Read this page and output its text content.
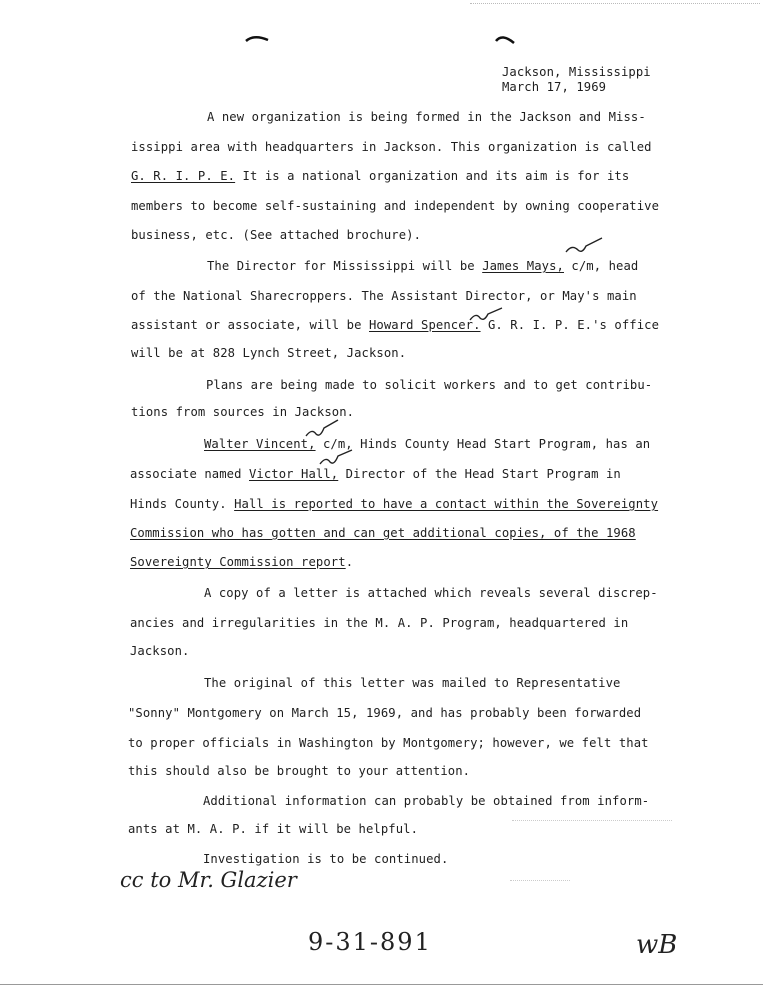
Jackson, Mississippi
March 17, 1969
A new organization is being formed in the Jackson and Miss-
issippi area with headquarters in Jackson. This organization is called
G. R. I. P. E. It is a national organization and its aim is for its
members to become self-sustaining and independent by owning cooperative
business, etc. (See attached brochure).
The Director for Mississippi will be James Mays, c/m, head
of the National Sharecroppers. The Assistant Director, or May's main
assistant or associate, will be Howard Spencer. G. R. I. P. E.'s office
will be at 828 Lynch Street, Jackson.
Plans are being made to solicit workers and to get contribu-
tions from sources in Jackson.
Walter Vincent, c/m, Hinds County Head Start Program, has an
associate named Victor Hall, Director of the Head Start Program in
Hinds County. Hall is reported to have a contact within the Sovereignty
Commission who has gotten and can get additional copies, of the 1968
Sovereignty Commission report.
A copy of a letter is attached which reveals several discrep-
ancies and irregularities in the M. A. P. Program, headquartered in
Jackson.
The original of this letter was mailed to Representative
"Sonny" Montgomery on March 15, 1969, and has probably been forwarded
to proper officials in Washington by Montgomery; however, we felt that
this should also be brought to your attention.
Additional information can probably be obtained from inform-
ants at M. A. P. if it will be helpful.
Investigation is to be continued.
cc to Mr. Glazier
9-31-891	wB
